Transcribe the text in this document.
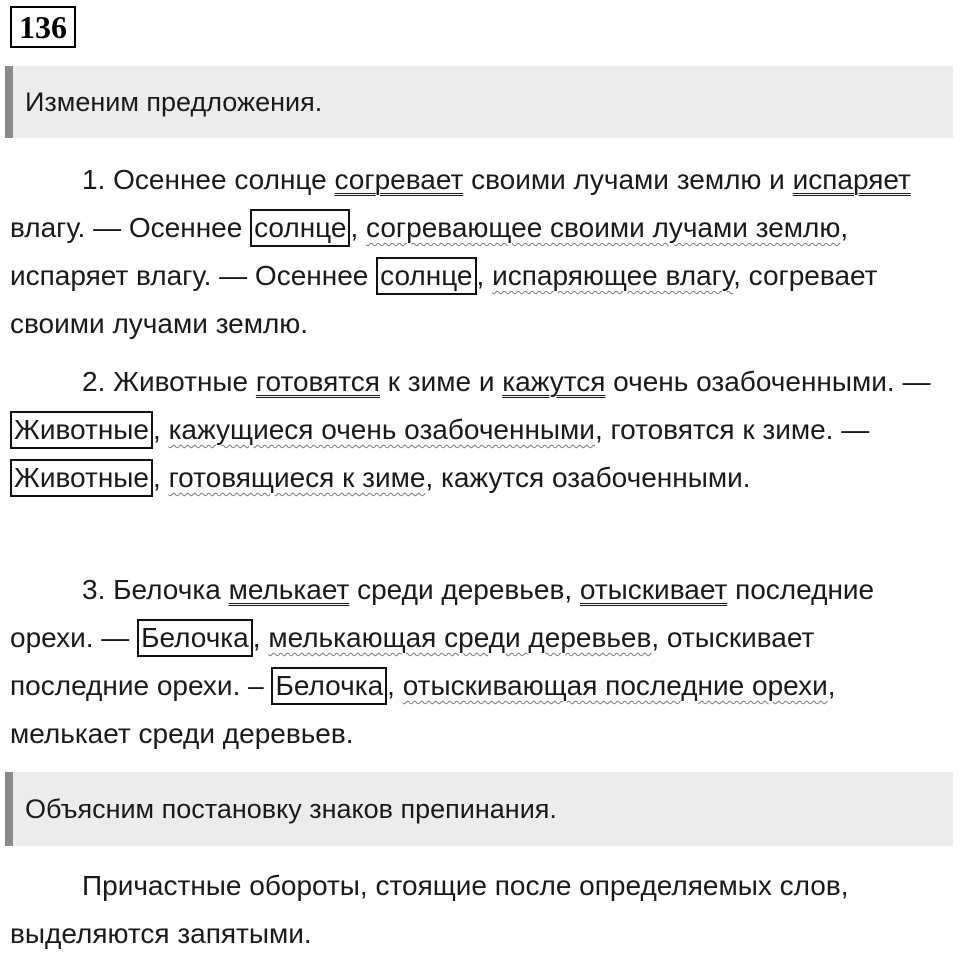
136
Изменим предложения.

1. Осеннее солнце согревает своими лучами землю и испаряет влагу. — Осеннее солнце , согревающее своими лучами землю, испаряет влагу. — Осеннее солнце , испаряющее влагу, согревает своими лучами землю.

2. Животные готовятся к зиме и кажутся очень озабоченными. — Животные , кажущиеся очень озабоченными, готовятся к зиме. — Животные , готовящиеся к зиме, кажутся озабоченными.

3. Белочка мелькает среди деревьев, отыскивает последние орехи. — Белочка , мелькающая среди деревьев, отыскивает последние орехи. – Белочка , отыскивающая последние орехи, мелькает среди деревьев.

Объясним постановку знаков препинания.

Причастные обороты, стоящие после определяемых слов, выделяются запятыми.
